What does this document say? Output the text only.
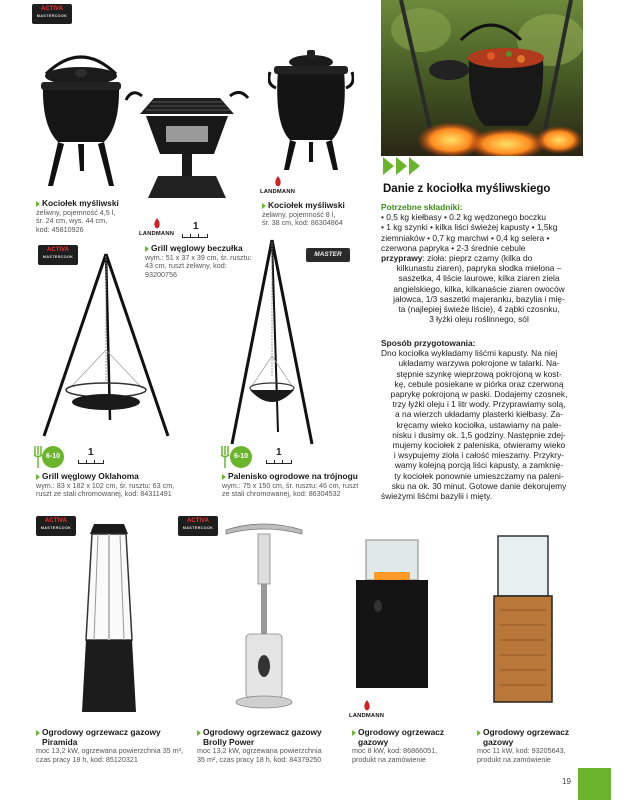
ACTIVA
MASTERCOOK
ACTIVA
MASTERCOOK
ACTIVA
MASTERCOOK
ACTIVA
MASTERCOOK
LANDMANN
LANDMANN
LANDMANN
MASTER
1
6-10	1	6-10	1
Kociołek myśliwski
żeliwny, pojemność 4,5 l,
śr. 24 cm, wys. 44 cm,
kod: 45810926
Grill węglowy beczułka
wym.: 51 x 37 x 39 cm, śr. rusztu:
43 cm, ruszt żeliwny, kod:
93200756
Kociołek myśliwski
żeliwny, pojemność 8 l,
śr. 38 cm, kod: 86304864
Grill węglowy Oklahoma
wym.: 83 x 182 x 102 cm, śr. rusztu: 63 cm,
ruszt ze stali chromowanej, kod: 84311491
Palenisko ogrodowe na trójnogu
wym.: 75 x 150 cm, śr. rusztu: 46 cm, ruszt
ze stali chromowanej, kod: 86304532
Ogrodowy ogrzewacz gazowy
Piramida
moc 13,2 kW, ogrzewana powierzchnia 35 m²,
czas pracy 18 h, kod: 85120321
Ogrodowy ogrzewacz gazowy
Brolly Power
moc 13,2 kW, ogrzewana powierzchnia
35 m², czas pracy 18 h, kod: 84379250
Ogrodowy ogrzewacz
gazowy
moc 8 kW, kod: 86866051,
produkt na zamówienie
Ogrodowy ogrzewacz
gazowy
moc 11 kW, kod: 93205643,
produkt na zamówienie
Danie z kociołka myśliwskiego
Potrzebne składniki:
• 0,5 kg kiełbasy • 0.2 kg wędzonego boczku
• 1 kg szynki • kilka liści świeżej kapusty • 1,5kg
ziemniaków • 0,7 kg marchwi • 0,4 kg selera •
czerwona papryka • 2-3 średnie cebule
przyprawy: zioła: pieprz czarny (kilka do
kilkunastu ziaren), papryka słodka mielona –
saszetka, 4 liście laurowe, kilka ziaren ziela
angielskiego, kilka, kilkanaście ziaren owoców
jałowca, 1/3 saszetki majeranku, bazylia i mię-
ta (najlepiej świeże liście), 4 ząbki czosnku,
3 łyżki oleju roślinnego, sól
Sposób przygotowania:
Dno kociołka wykładamy liśćmi kapusty. Na niej
układamy warzywa pokrojone w talarki. Na-
stępnie szynkę wieprzową pokrojoną w kost-
kę, cebule posiekane w piórka oraz czerwoną
paprykę pokrojoną w paski. Dodajemy czosnek,
trzy łyżki oleju i 1 litr wody. Przyprawiamy solą,
a na wierzch układamy plasterki kiełbasy. Za-
kręcamy wieko kociołka, ustawiamy na pale-
nisku i dusimy ok. 1,5 godziny. Następnie zdej-
mujemy kociołek z paleniska, otwieramy wieko
i wsypujemy zioła i całość mieszamy. Przykry-
wamy kolejną porcją liści kapusty, a zamknię-
ty kociołek ponownie umieszczamy na paleni-
sku na ok. 30 minut. Gotowe danie dekorujemy
świeżymi liśćmi bazylii i mięty.
19
